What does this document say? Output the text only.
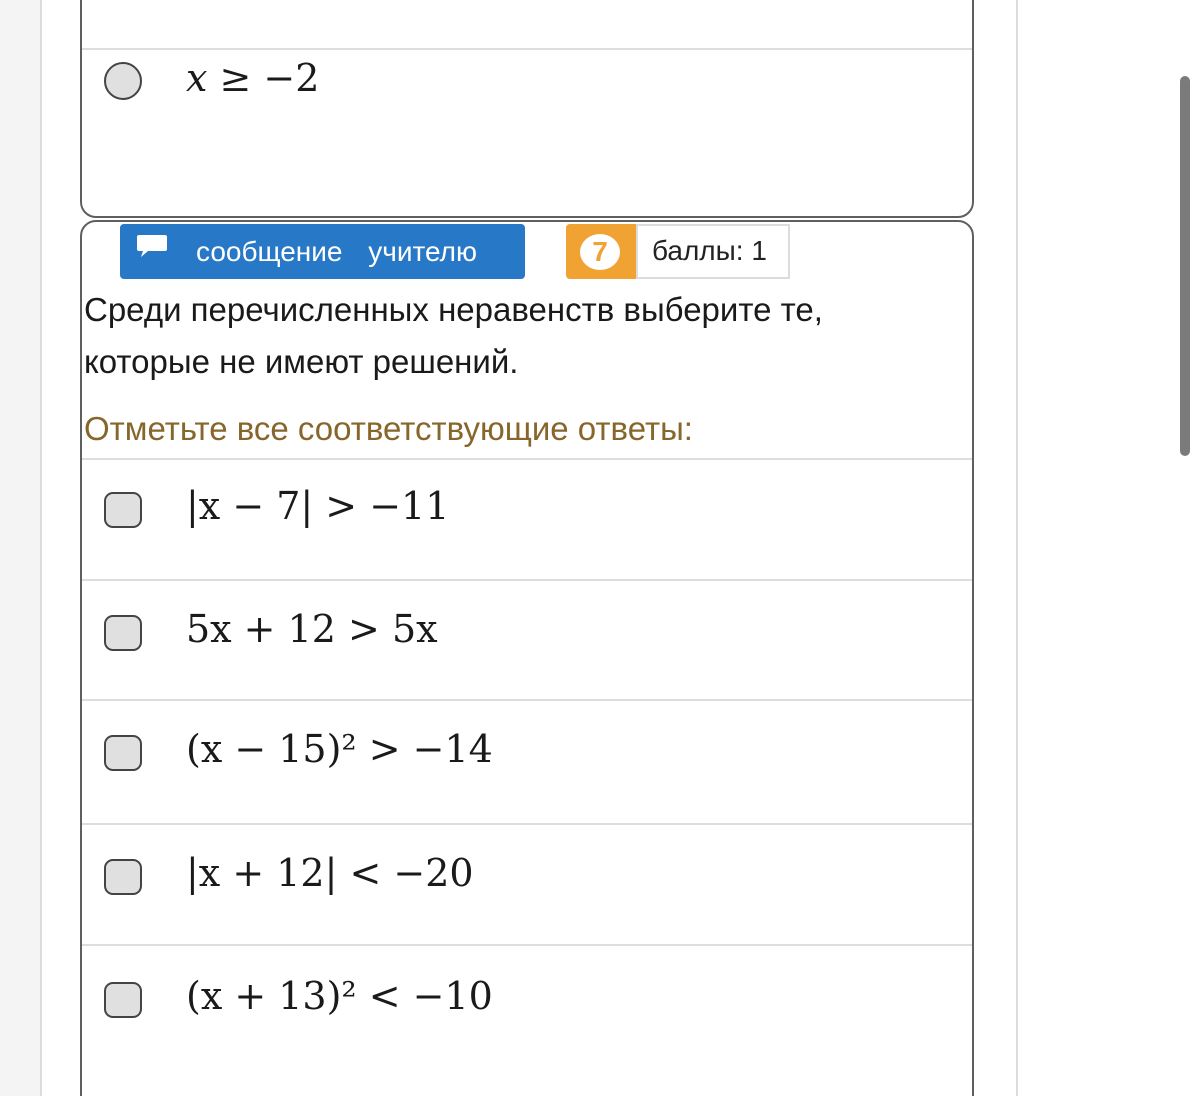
x ≥ −2
сообщение учителю	7	баллы: 1
Среди перечисленных неравенств выберите те, которые не имеют решений.
Отметьте все соответствующие ответы:
|x − 7| > −11
5x + 12 > 5x
(x − 15)² > −14
|x + 12| < −20
(x + 13)² < −10
